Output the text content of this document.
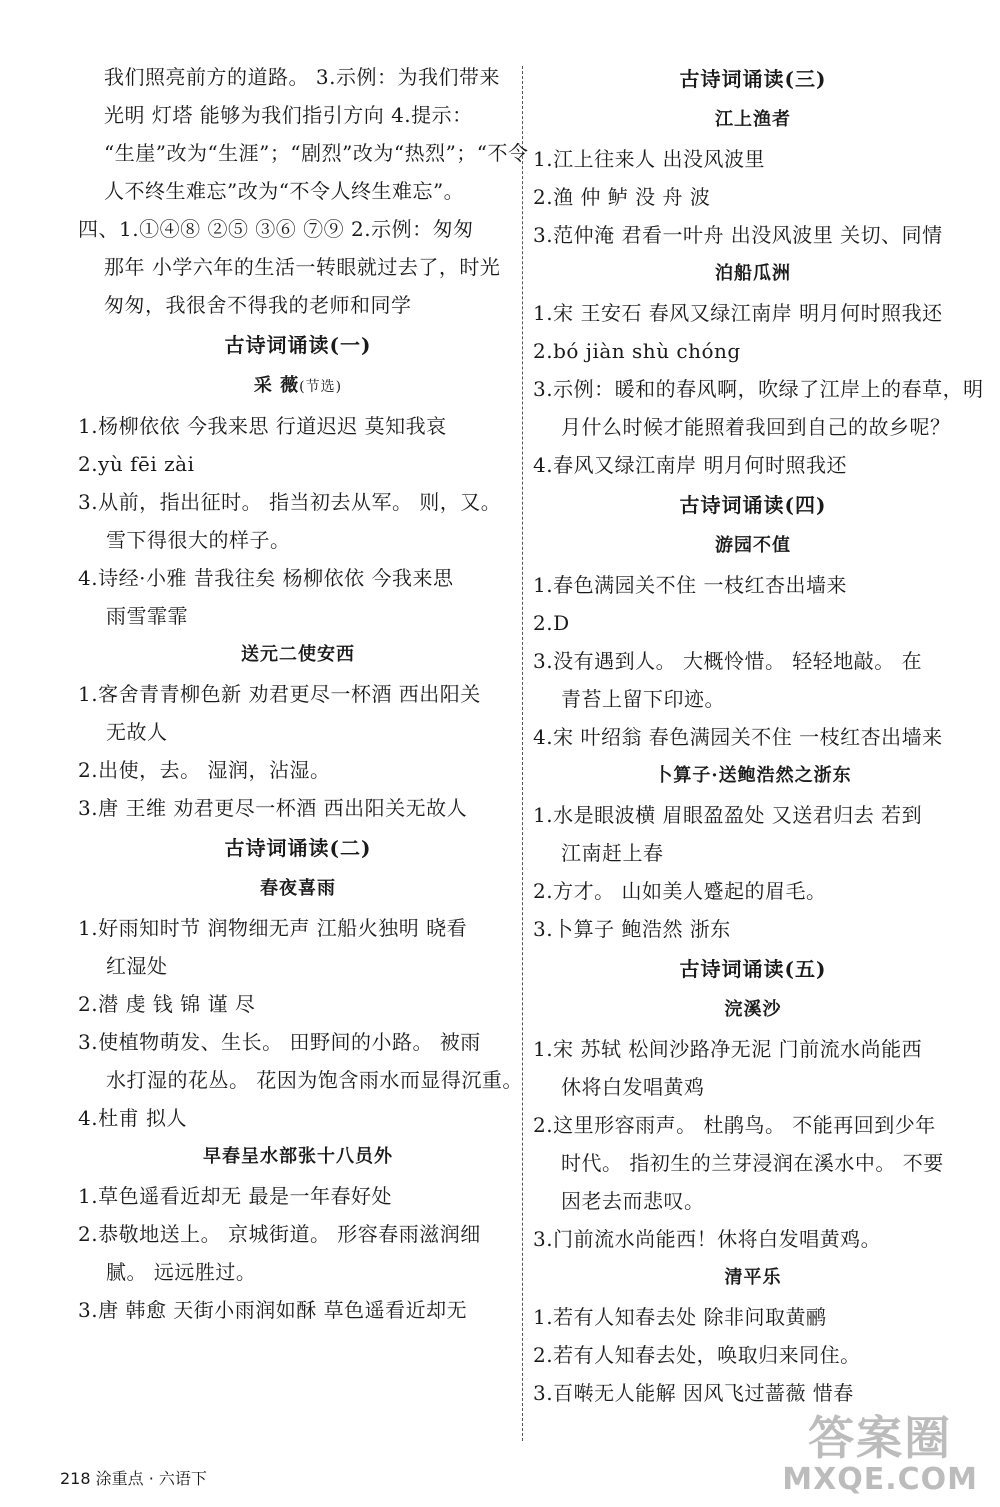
我们照亮前方的道路。 3.示例：为我们带来
光明 灯塔 能够为我们指引方向 4.提示：
“生崖”改为“生涯”；“剧烈”改为“热烈”；“不令
人不终生难忘”改为“不令人终生难忘”。
四、1.①④⑧ ②⑤ ③⑥ ⑦⑨ 2.示例：匆匆
那年 小学六年的生活一转眼就过去了，时光
匆匆，我很舍不得我的老师和同学
古诗词诵读(一)
采 薇(节选)
1.杨柳依依 今我来思 行道迟迟 莫知我哀
2.yù fēi zài
3.从前，指出征时。 指当初去从军。 则，又。
雪下得很大的样子。
4.诗经·小雅 昔我往矣 杨柳依依 今我来思
雨雪霏霏
送元二使安西
1.客舍青青柳色新 劝君更尽一杯酒 西出阳关
无故人
2.出使，去。 湿润，沾湿。
3.唐 王维 劝君更尽一杯酒 西出阳关无故人
古诗词诵读(二)
春夜喜雨
1.好雨知时节 润物细无声 江船火独明 晓看
红湿处
2.潜 虔 钱 锦 谨 尽
3.使植物萌发、生长。 田野间的小路。 被雨
水打湿的花丛。 花因为饱含雨水而显得沉重。
4.杜甫 拟人
早春呈水部张十八员外
1.草色遥看近却无 最是一年春好处
2.恭敬地送上。 京城街道。 形容春雨滋润细
腻。 远远胜过。
3.唐 韩愈 天街小雨润如酥 草色遥看近却无
古诗词诵读(三)
江上渔者
1.江上往来人 出没风波里
2.渔 仲 鲈 没 舟 波
3.范仲淹 君看一叶舟 出没风波里 关切、同情
泊船瓜洲
1.宋 王安石 春风又绿江南岸 明月何时照我还
2.bó jiàn shù chóng
3.示例：暖和的春风啊，吹绿了江岸上的春草，明
月什么时候才能照着我回到自己的故乡呢？
4.春风又绿江南岸 明月何时照我还
古诗词诵读(四)
游园不值
1.春色满园关不住 一枝红杏出墙来
2.D
3.没有遇到人。 大概怜惜。 轻轻地敲。 在
青苔上留下印迹。
4.宋 叶绍翁 春色满园关不住 一枝红杏出墙来
卜算子·送鲍浩然之浙东
1.水是眼波横 眉眼盈盈处 又送君归去 若到
江南赶上春
2.方才。 山如美人蹙起的眉毛。
3.卜算子 鲍浩然 浙东
古诗词诵读(五)
浣溪沙
1.宋 苏轼 松间沙路净无泥 门前流水尚能西
休将白发唱黄鸡
2.这里形容雨声。 杜鹃鸟。 不能再回到少年
时代。 指初生的兰芽浸润在溪水中。 不要
因老去而悲叹。
3.门前流水尚能西！休将白发唱黄鸡。
清平乐
1.若有人知春去处 除非问取黄鹂
2.若有人知春去处，唤取归来同住。
3.百啭无人能解 因风飞过蔷薇 惜春
218 涂重点 · 六语下
答案圈
MXQE.COM
